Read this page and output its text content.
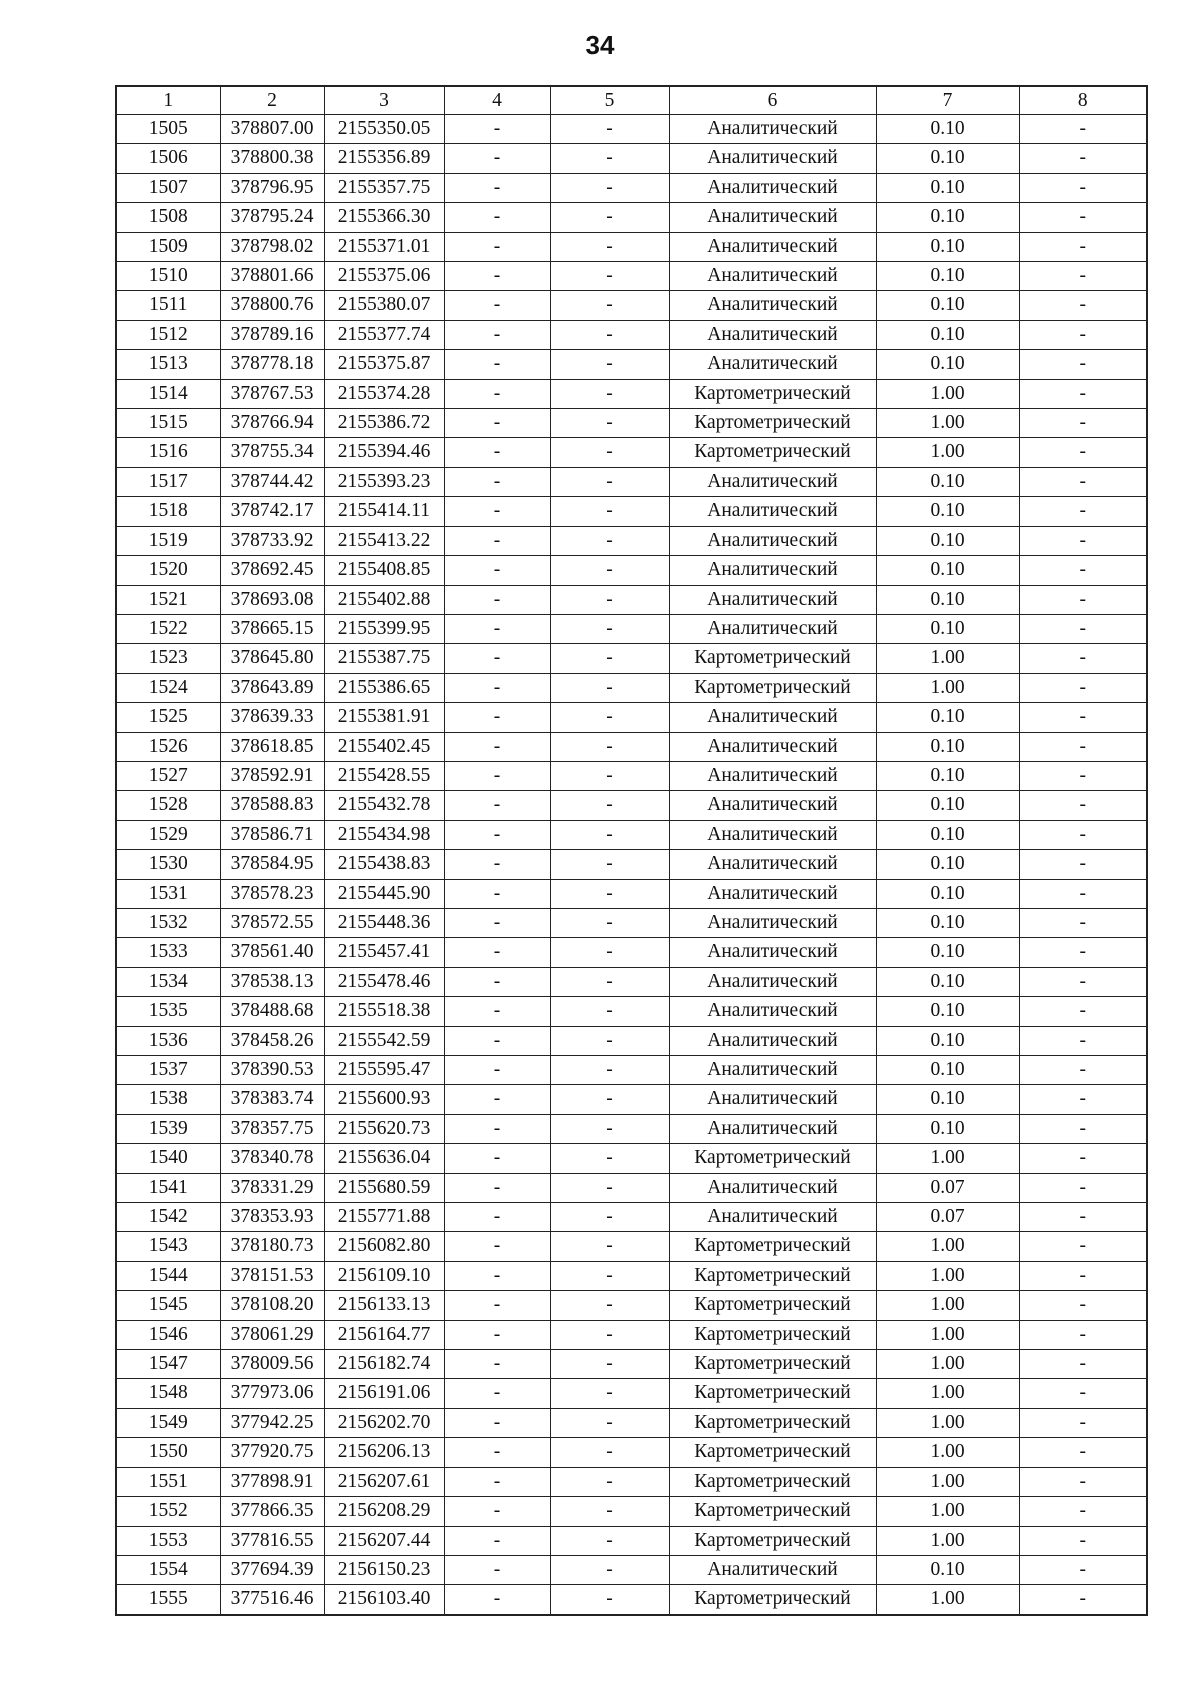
34
1	2	3	4	5	6	7	8
1505	378807.00	2155350.05	-	-	Аналитический	0.10	-
1506	378800.38	2155356.89	-	-	Аналитический	0.10	-
1507	378796.95	2155357.75	-	-	Аналитический	0.10	-
1508	378795.24	2155366.30	-	-	Аналитический	0.10	-
1509	378798.02	2155371.01	-	-	Аналитический	0.10	-
1510	378801.66	2155375.06	-	-	Аналитический	0.10	-
1511	378800.76	2155380.07	-	-	Аналитический	0.10	-
1512	378789.16	2155377.74	-	-	Аналитический	0.10	-
1513	378778.18	2155375.87	-	-	Аналитический	0.10	-
1514	378767.53	2155374.28	-	-	Картометрический	1.00	-
1515	378766.94	2155386.72	-	-	Картометрический	1.00	-
1516	378755.34	2155394.46	-	-	Картометрический	1.00	-
1517	378744.42	2155393.23	-	-	Аналитический	0.10	-
1518	378742.17	2155414.11	-	-	Аналитический	0.10	-
1519	378733.92	2155413.22	-	-	Аналитический	0.10	-
1520	378692.45	2155408.85	-	-	Аналитический	0.10	-
1521	378693.08	2155402.88	-	-	Аналитический	0.10	-
1522	378665.15	2155399.95	-	-	Аналитический	0.10	-
1523	378645.80	2155387.75	-	-	Картометрический	1.00	-
1524	378643.89	2155386.65	-	-	Картометрический	1.00	-
1525	378639.33	2155381.91	-	-	Аналитический	0.10	-
1526	378618.85	2155402.45	-	-	Аналитический	0.10	-
1527	378592.91	2155428.55	-	-	Аналитический	0.10	-
1528	378588.83	2155432.78	-	-	Аналитический	0.10	-
1529	378586.71	2155434.98	-	-	Аналитический	0.10	-
1530	378584.95	2155438.83	-	-	Аналитический	0.10	-
1531	378578.23	2155445.90	-	-	Аналитический	0.10	-
1532	378572.55	2155448.36	-	-	Аналитический	0.10	-
1533	378561.40	2155457.41	-	-	Аналитический	0.10	-
1534	378538.13	2155478.46	-	-	Аналитический	0.10	-
1535	378488.68	2155518.38	-	-	Аналитический	0.10	-
1536	378458.26	2155542.59	-	-	Аналитический	0.10	-
1537	378390.53	2155595.47	-	-	Аналитический	0.10	-
1538	378383.74	2155600.93	-	-	Аналитический	0.10	-
1539	378357.75	2155620.73	-	-	Аналитический	0.10	-
1540	378340.78	2155636.04	-	-	Картометрический	1.00	-
1541	378331.29	2155680.59	-	-	Аналитический	0.07	-
1542	378353.93	2155771.88	-	-	Аналитический	0.07	-
1543	378180.73	2156082.80	-	-	Картометрический	1.00	-
1544	378151.53	2156109.10	-	-	Картометрический	1.00	-
1545	378108.20	2156133.13	-	-	Картометрический	1.00	-
1546	378061.29	2156164.77	-	-	Картометрический	1.00	-
1547	378009.56	2156182.74	-	-	Картометрический	1.00	-
1548	377973.06	2156191.06	-	-	Картометрический	1.00	-
1549	377942.25	2156202.70	-	-	Картометрический	1.00	-
1550	377920.75	2156206.13	-	-	Картометрический	1.00	-
1551	377898.91	2156207.61	-	-	Картометрический	1.00	-
1552	377866.35	2156208.29	-	-	Картометрический	1.00	-
1553	377816.55	2156207.44	-	-	Картометрический	1.00	-
1554	377694.39	2156150.23	-	-	Аналитический	0.10	-
1555	377516.46	2156103.40	-	-	Картометрический	1.00	-
